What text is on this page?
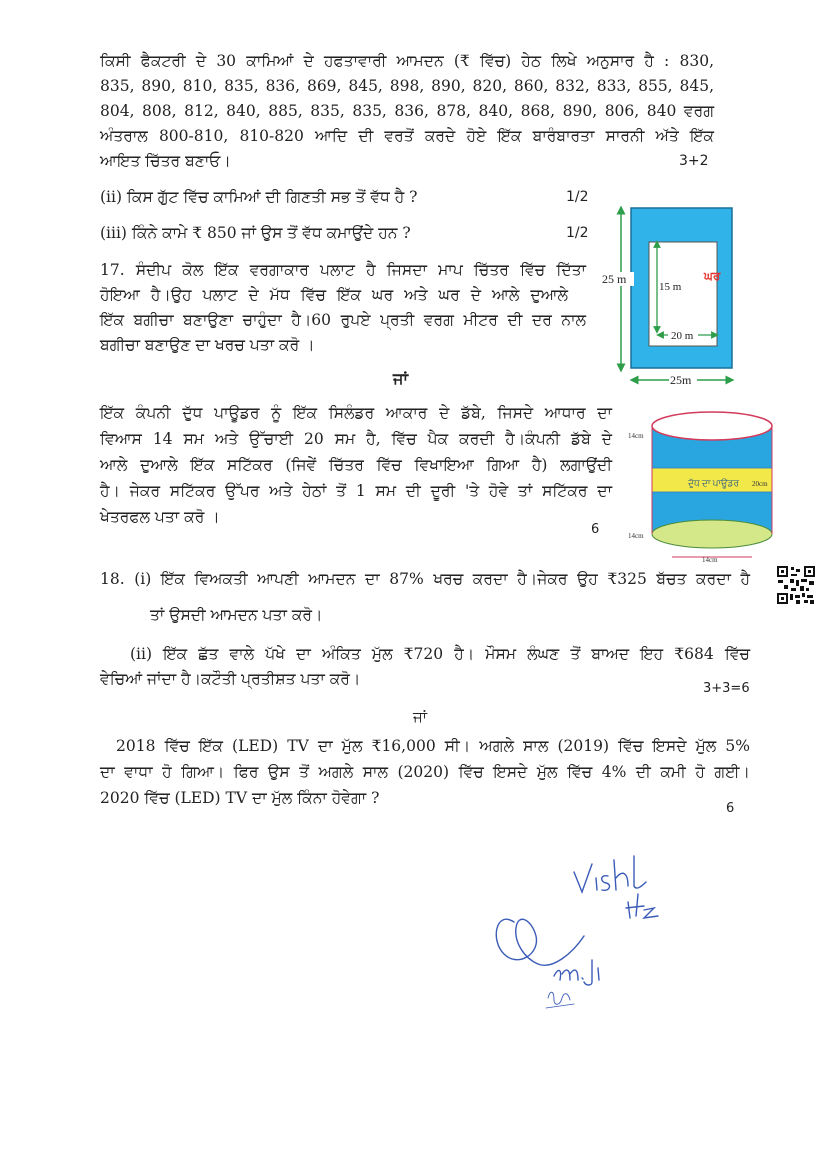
ਕਿਸੀ ਫੈਕਟਰੀ ਦੇ 30 ਕਾਮਿਆਂ ਦੇ ਹਫਤਾਵਾਰੀ ਆਮਦਨ (₹ ਵਿੱਚ) ਹੇਠ ਲਿਖੇ ਅਨੁਸਾਰ ਹੈ : 830,
835, 890, 810, 835, 836, 869, 845, 898, 890, 820, 860, 832, 833, 855, 845,
804, 808, 812, 840, 885, 835, 835, 836, 878, 840, 868, 890, 806, 840 ਵਰਗ
ਅੰਤਰਾਲ 800-810, 810-820 ਆਦਿ ਦੀ ਵਰਤੋਂ ਕਰਦੇ ਹੋਏ ਇੱਕ ਬਾਰੰਬਾਰਤਾ ਸਾਰਨੀ ਅੱਤੇ ਇੱਕ
ਆਇਤ ਚਿੱਤਰ ਬਣਾਓ।	3+2
(ii) ਕਿਸ ਗੁੱਟ ਵਿੱਚ ਕਾਮਿਆਂ ਦੀ ਗਿਣਤੀ ਸਭ ਤੋਂ ਵੱਧ ਹੈ ?	1/2
(iii) ਕਿੰਨੇ ਕਾਮੇ ₹ 850 ਜਾਂ ਉਸ ਤੋਂ ਵੱਧ ਕਮਾਉਂਦੇ ਹਨ ?	1/2
17. ਸੰਦੀਪ ਕੋਲ ਇੱਕ ਵਰਗਾਕਾਰ ਪਲਾਟ ਹੈ ਜਿਸਦਾ ਮਾਪ ਚਿੱਤਰ ਵਿੱਚ ਦਿੱਤਾ
ਹੋਇਆ ਹੈ।ਉਹ ਪਲਾਟ ਦੇ ਮੱਧ ਵਿੱਚ ਇੱਕ ਘਰ ਅਤੇ ਘਰ ਦੇ ਆਲੇ ਦੁਆਲੇ
ਇੱਕ ਬਗੀਚਾ ਬਣਾਉਣਾ ਚਾਹੁੰਦਾ ਹੈ।60 ਰੁਪਏ ਪ੍ਰਤੀ ਵਰਗ ਮੀਟਰ ਦੀ ਦਰ ਨਾਲ
ਬਗੀਚਾ ਬਣਾਉਣ ਦਾ ਖਰਚ ਪਤਾ ਕਰੋ ।
ਜਾਂ
ਇੱਕ ਕੰਪਨੀ ਦੁੱਧ ਪਾਊਡਰ ਨੂੰ ਇੱਕ ਸਿਲੰਡਰ ਆਕਾਰ ਦੇ ਡੱਬੇ, ਜਿਸਦੇ ਆਧਾਰ ਦਾ
ਵਿਆਸ 14 ਸਮ ਅਤੇ ਉੱਚਾਈ 20 ਸਮ ਹੈ, ਵਿੱਚ ਪੈਕ ਕਰਦੀ ਹੈ।ਕੰਪਨੀ ਡੱਬੇ ਦੇ
ਆਲੇ ਦੁਆਲੇ ਇੱਕ ਸਟਿੱਕਰ (ਜਿਵੇਂ ਚਿੱਤਰ ਵਿੱਚ ਵਿਖਾਇਆ ਗਿਆ ਹੈ) ਲਗਾਉਂਦੀ
ਹੈ। ਜੇਕਰ ਸਟਿੱਕਰ ਉੱਪਰ ਅਤੇ ਹੇਠਾਂ ਤੋਂ 1 ਸਮ ਦੀ ਦੂਰੀ 'ਤੇ ਹੋਵੇ ਤਾਂ ਸਟਿੱਕਰ ਦਾ
ਖੇਤਰਫਲ ਪਤਾ ਕਰੋ ।
6
25 m
15 m
20 m
ਘਰ
25m
ਦੁੱਧ ਦਾ ਪਾਊਡਰ
14cm
14cm
20cm
14cm
18. (i) ਇੱਕ ਵਿਅਕਤੀ ਆਪਣੀ ਆਮਦਨ ਦਾ 87% ਖਰਚ ਕਰਦਾ ਹੈ।ਜੇਕਰ ਉਹ ₹325 ਬੱਚਤ ਕਰਦਾ ਹੈ
ਤਾਂ ਉਸਦੀ ਆਮਦਨ ਪਤਾ ਕਰੋ।
(ii) ਇੱਕ ਛੱਤ ਵਾਲੇ ਪੱਖੇ ਦਾ ਅੰਕਿਤ ਮੁੱਲ ₹720 ਹੈ। ਮੌਸਮ ਲੰਘਣ ਤੋਂ ਬਾਅਦ ਇਹ ₹684 ਵਿੱਚ
ਵੇਚਿਆਂ ਜਾਂਦਾ ਹੈ।ਕਟੌਤੀ ਪ੍ਰਤੀਸ਼ਤ ਪਤਾ ਕਰੋ।
3+3=6
ਜਾਂ
2018 ਵਿੱਚ ਇੱਕ (LED) TV ਦਾ ਮੁੱਲ ₹16,000 ਸੀ। ਅਗਲੇ ਸਾਲ (2019) ਵਿੱਚ ਇਸਦੇ ਮੁੱਲ 5%
ਦਾ ਵਾਧਾ ਹੋ ਗਿਆ। ਫਿਰ ਉਸ ਤੋਂ ਅਗਲੇ ਸਾਲ (2020) ਵਿੱਚ ਇਸਦੇ ਮੁੱਲ ਵਿੱਚ 4% ਦੀ ਕਮੀ ਹੋ ਗਈ।
2020 ਵਿੱਚ (LED) TV ਦਾ ਮੁੱਲ ਕਿੰਨਾ ਹੋਵੇਗਾ ?
6
